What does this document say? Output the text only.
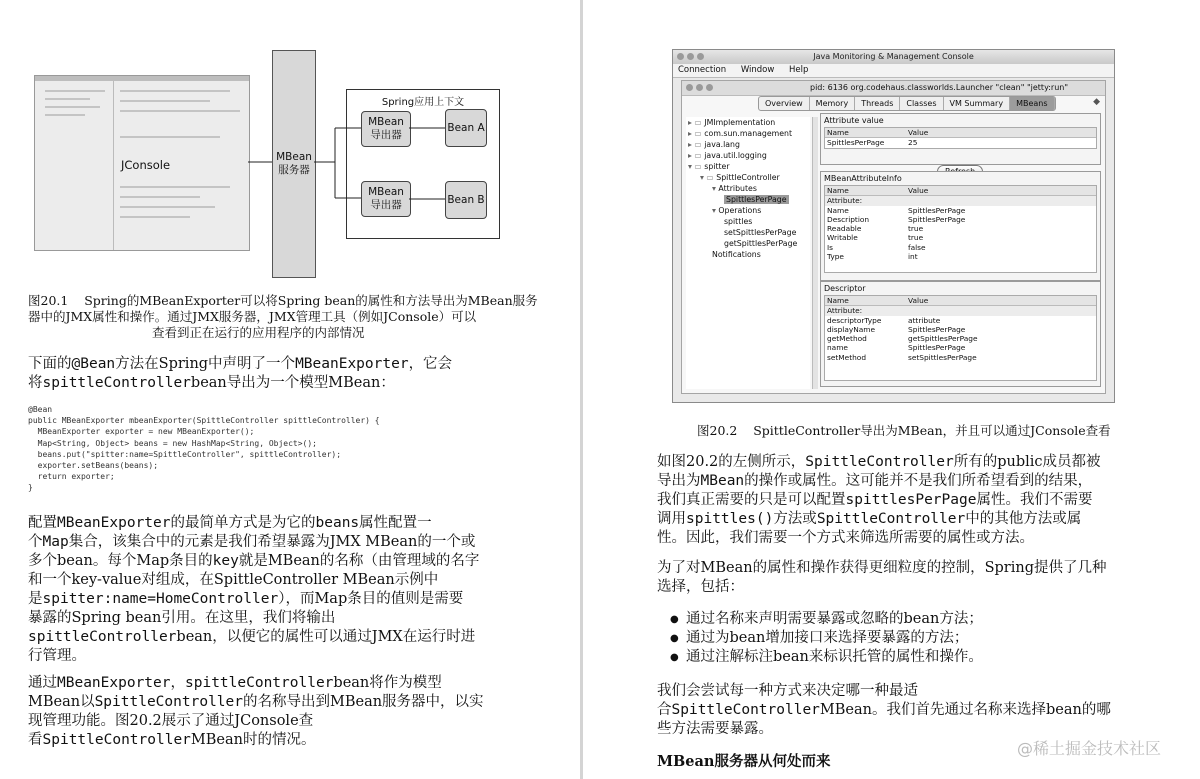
JConsole
MBean
服务器
Spring应用上下文
MBean
导出器
MBean
导出器
Bean A
Bean B
图20.1    Spring的MBeanExporter可以将Spring bean的属性和方法导出为MBean服务
器中的JMX属性和操作。通过JMX服务器，JMX管理工具（例如JConsole）可以
查看到正在运行的应用程序的内部情况
下面的@Bean方法在Spring中声明了一个MBeanExporter，它会
将spittleControllerbean导出为一个模型MBean：
@Bean
public MBeanExporter mbeanExporter(SpittleController spittleController) {
MBeanExporter exporter = new MBeanExporter();
Map<String, Object> beans = new HashMap<String, Object>();
beans.put("spitter:name=SpittleController", spittleController);
exporter.setBeans(beans);
return exporter;
}
配置MBeanExporter的最简单方式是为它的beans属性配置一
个Map集合，该集合中的元素是我们希望暴露为JMX MBean的一个或
多个bean。每个Map条目的key就是MBean的名称（由管理域的名字
和一个key-value对组成，在SpittleController MBean示例中
是spitter:name=HomeController），而Map条目的值则是需要
暴露的Spring bean引用。在这里，我们将输出
spittleControllerbean，以便它的属性可以通过JMX在运行时进
行管理。
通过MBeanExporter，spittleControllerbean将作为模型
MBean以SpittleController的名称导出到MBean服务器中，以实
现管理功能。图20.2展示了通过JConsole查
看SpittleControllerMBean时的情况。
Java Monitoring & Management Console
Connection Window Help
pid: 6136 org.codehaus.classworlds.Launcher "clean" "jetty:run"
Overview	Memory	Threads	Classes	VM Summary	MBeans	◆
▸ ▭ JMImplementation
▸ ▭ com.sun.management
▸ ▭ java.lang
▸ ▭ java.util.logging
▾ ▭ spitter
▾ ▭ SpittleController
▾ Attributes
SpittlesPerPage
▾ Operations
spittles
setSpittlesPerPage
getSpittlesPerPage
Notifications
Attribute value
Name	Value
SpittlesPerPage	25
MBeanAttributeInfo
Name	Value
Attribute:
Name	SpittlesPerPage
Description	SpittlesPerPage
Readable	true
Writable	true
Is	false
Type	int
Descriptor
Name	Value
Attribute:
descriptorType	attribute
displayName	SpittlesPerPage
getMethod	getSpittlesPerPage
name	SpittlesPerPage
setMethod	setSpittlesPerPage
图20.2    SpittleController导出为MBean，并且可以通过JConsole查看
如图20.2的左侧所示，SpittleController所有的public成员都被
导出为MBean的操作或属性。这可能并不是我们所希望看到的结果，
我们真正需要的只是可以配置spittlesPerPage属性。我们不需要
调用spittles()方法或SpittleController中的其他方法或属
性。因此，我们需要一个方式来筛选所需要的属性或方法。
为了对MBean的属性和操作获得更细粒度的控制，Spring提供了几种
选择，包括：
● 通过名称来声明需要暴露或忽略的bean方法；
● 通过为bean增加接口来选择要暴露的方法；
● 通过注解标注bean来标识托管的属性和操作。
我们会尝试每一种方式来决定哪一种最适
合SpittleControllerMBean。我们首先通过名称来选择bean的哪
些方法需要暴露。
MBean服务器从何处而来
@稀土掘金技术社区
